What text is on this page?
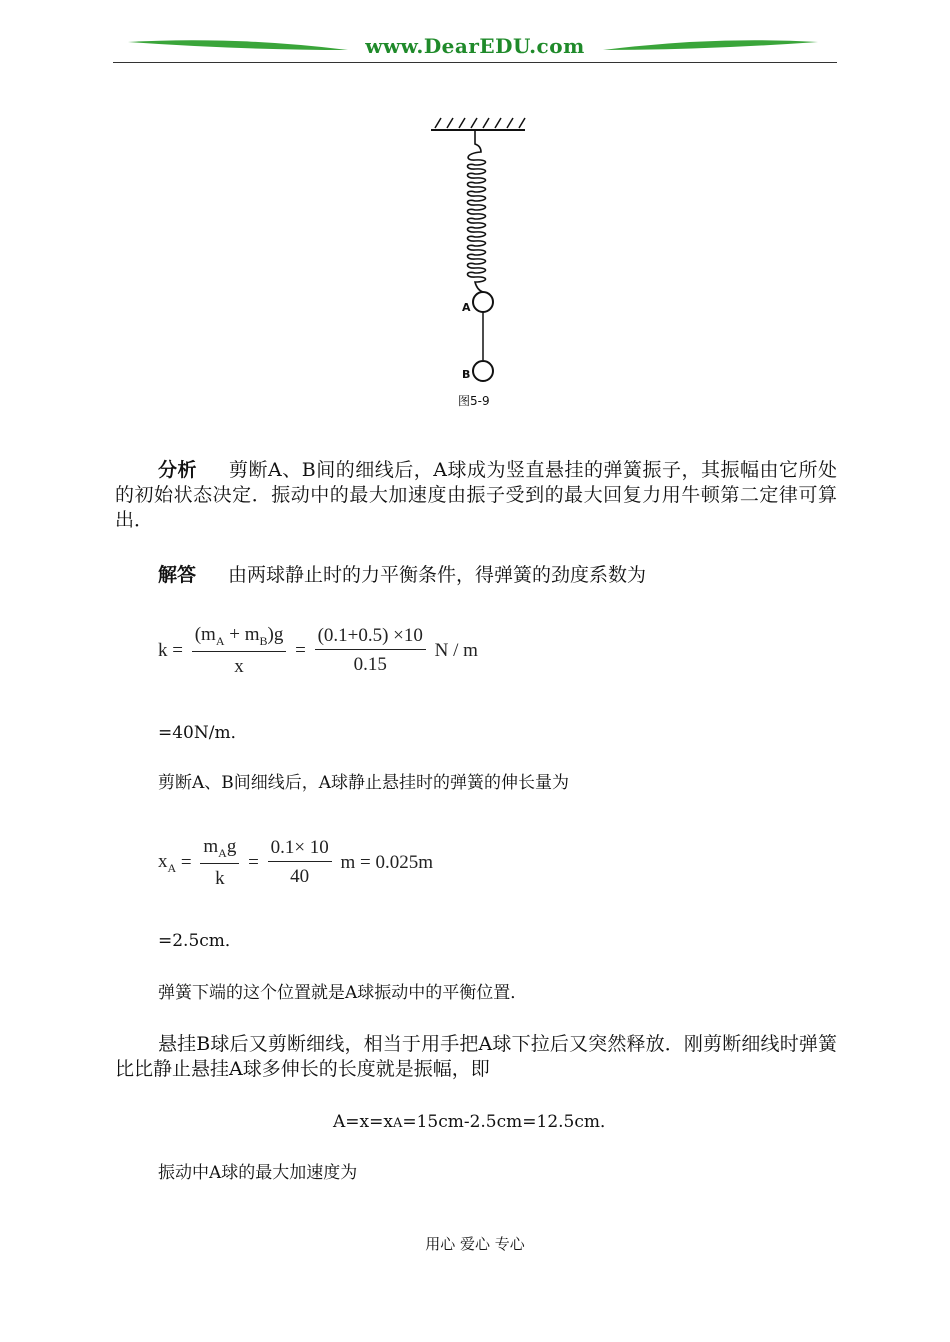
www.DearEDU.com
A
B
图5-9

分析 剪断A、B间的细线后，A球成为竖直悬挂的弹簧振子，其振幅由它所处的初始状态决定．振动中的最大加速度由振子受到的最大回复力用牛顿第二定律可算出．

解答 由两球静止时的力平衡条件，得弹簧的劲度系数为

$k = \frac{(m_A + m_B)g}{x} = \frac{(0.1+0.5) \times 10}{0.15}$ N / m

=40N/m．

剪断A、B间细线后，A球静止悬挂时的弹簧的伸长量为

$x_A = \frac{m_Ag}{k} = \frac{0.1\times 10}{40}$ m = 0.025m

=2.5cm．

弹簧下端的这个位置就是A球振动中的平衡位置．

悬挂B球后又剪断细线，相当于用手把A球下拉后又突然释放．刚剪断细线时弹簧比比静止悬挂A球多伸长的长度就是振幅，即

A=x=xA=15cm-2.5cm=12.5cm．

振动中A球的最大加速度为

用心 爱心 专心
